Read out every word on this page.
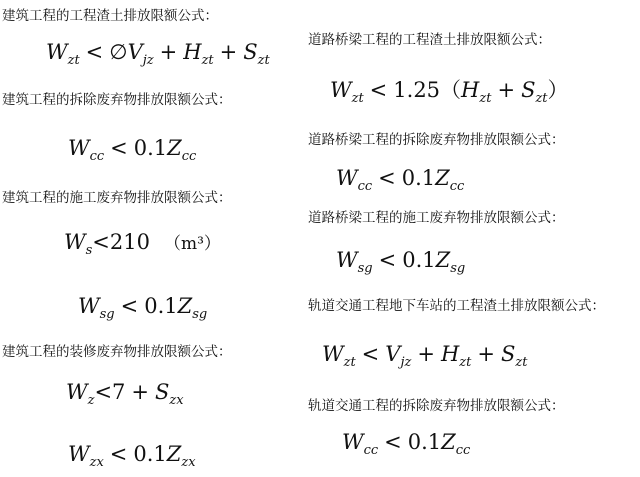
建筑工程的工程渣土排放限额公式：
$W_{zt}$ < $\emptyset V_{jz} + H_{zt} + S_{zt}$
建筑工程的拆除废弃物排放限额公式：
$W_{cc} < 0.1Z_{cc}$
建筑工程的施工废弃物排放限额公式：
$W_s<210$ （m³）
$W_{sg} < 0.1Z_{sg}$
建筑工程的装修废弃物排放限额公式：
$W_z<7 + S_{zx}$
$W_{zx} < 0.1Z_{zx}$
道路桥梁工程的工程渣土排放限额公式：
$W_{zt} < 1.25(H_{zt} + S_{zt})$
道路桥梁工程的拆除废弃物排放限额公式：
$W_{cc} < 0.1Z_{cc}$
道路桥梁工程的施工废弃物排放限额公式：
$W_{sg} < 0.1Z_{sg}$
轨道交通工程地下车站的工程渣土排放限额公式：
$W_{zt} < V_{jz} + H_{zt} + S_{zt}$
轨道交通工程的拆除废弃物排放限额公式：
$W_{cc} < 0.1Z_{cc}$
